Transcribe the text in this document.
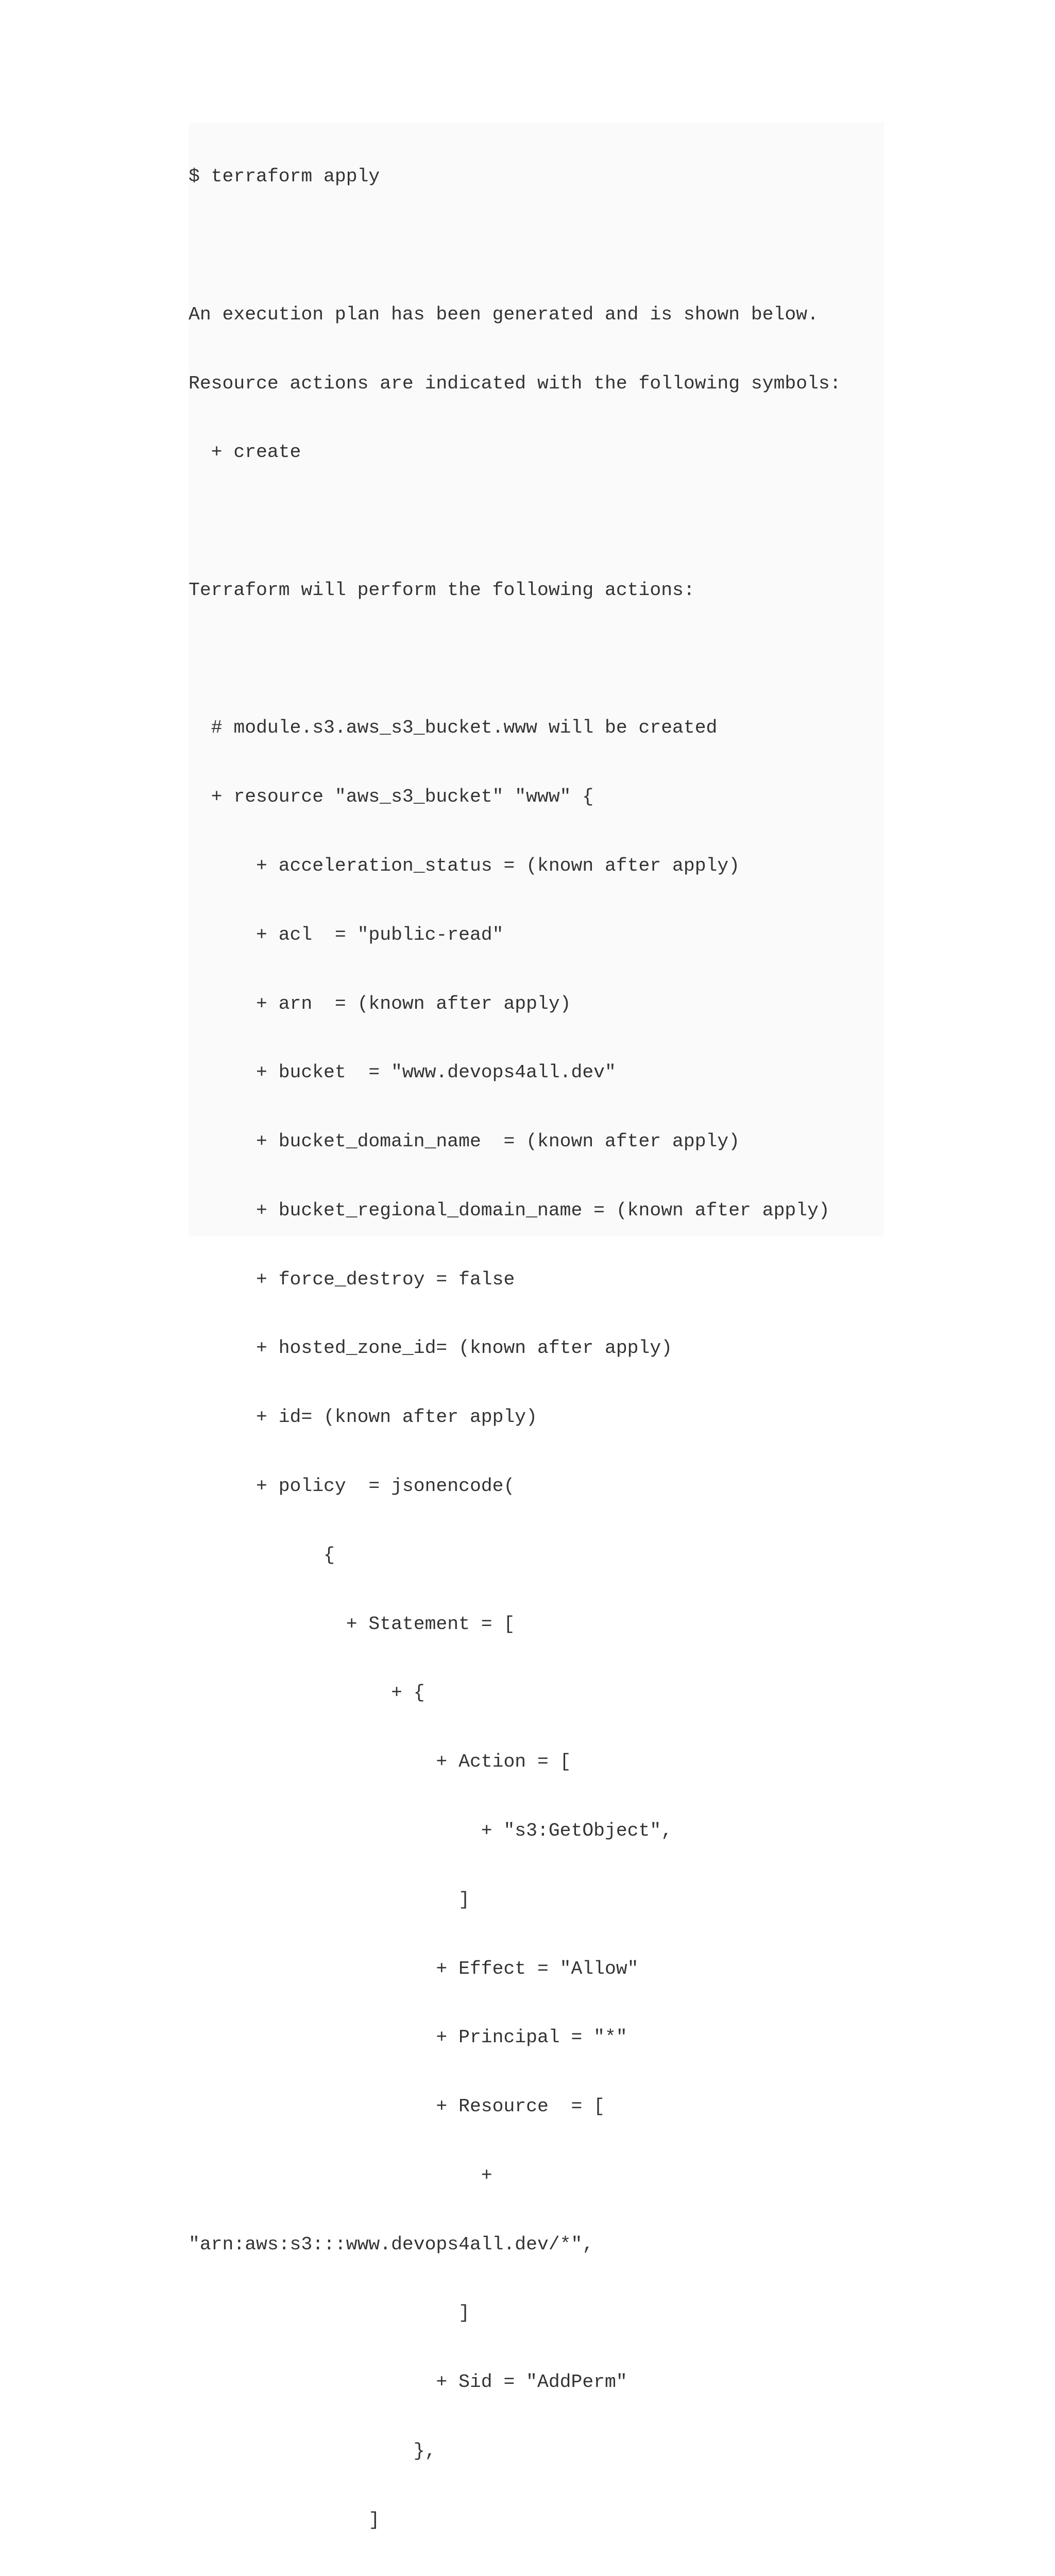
$ terraform apply

An execution plan has been generated and is shown below.

Resource actions are indicated with the following symbols:

+ create

Terraform will perform the following actions:

# module.s3.aws_s3_bucket.www will be created

+ resource "aws_s3_bucket" "www" {

+ acceleration_status = (known after apply)

+ acl  = "public-read"

+ arn  = (known after apply)

+ bucket  = "www.devops4all.dev"

+ bucket_domain_name  = (known after apply)

+ bucket_regional_domain_name = (known after apply)

+ force_destroy = false

+ hosted_zone_id= (known after apply)

+ id= (known after apply)

+ policy  = jsonencode(

{

+ Statement = [

+ {

+ Action = [

+ "s3:GetObject",

]

+ Effect = "Allow"

+ Principal = "*"

+ Resource  = [

+

"arn:aws:s3:::www.devops4all.dev/*",

]

+ Sid = "AddPerm"

},

]
